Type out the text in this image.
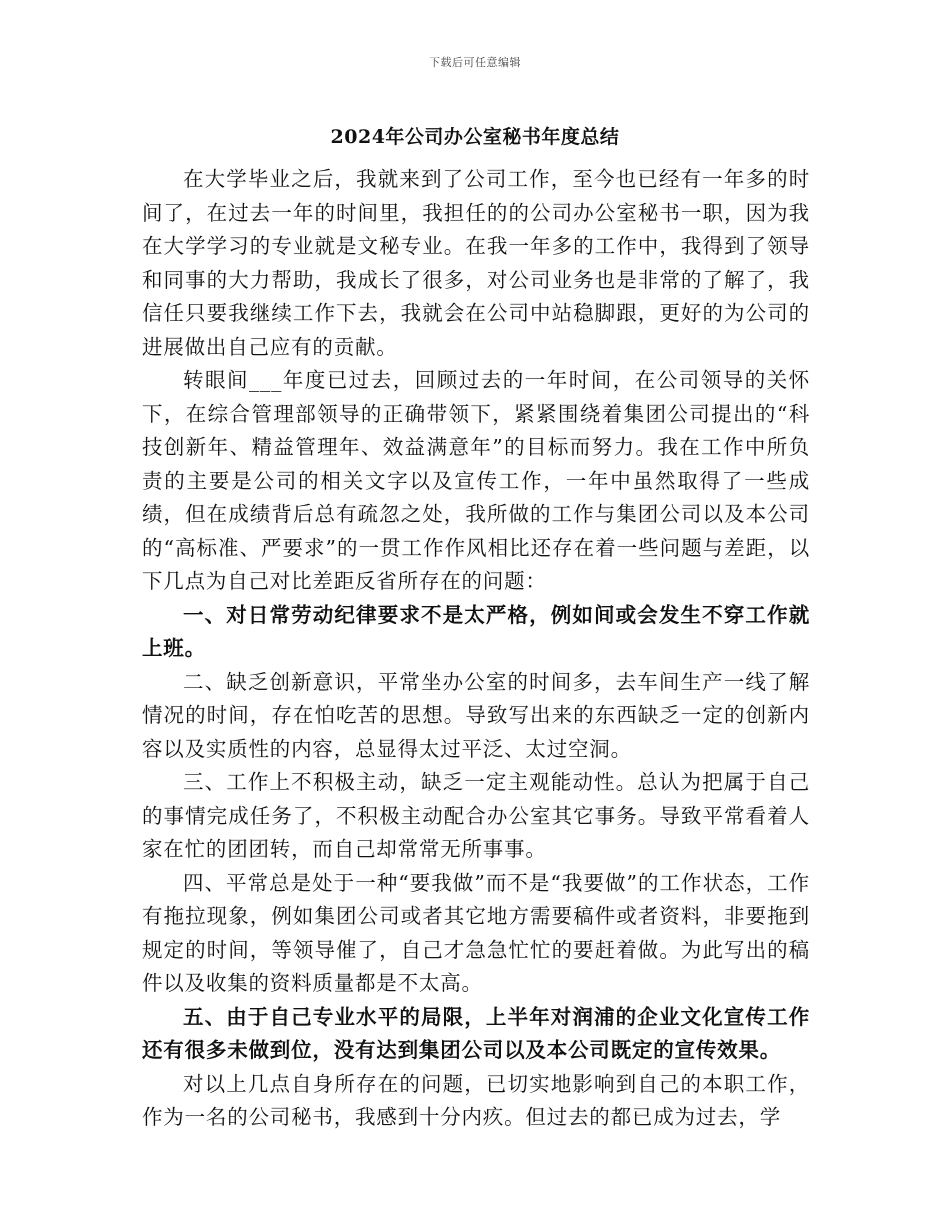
下载后可任意编辑
2024年公司办公室秘书年度总结

在大学毕业之后，我就来到了公司工作，至今也已经有一年多的时间了，在过去一年的时间里，我担任的的公司办公室秘书一职，因为我在大学学习的专业就是文秘专业。在我一年多的工作中，我得到了领导和同事的大力帮助，我成长了很多，对公司业务也是非常的了解了，我信任只要我继续工作下去，我就会在公司中站稳脚跟，更好的为公司的进展做出自己应有的贡献。

转眼间___年度已过去，回顾过去的一年时间，在公司领导的关怀下，在综合管理部领导的正确带领下，紧紧围绕着集团公司提出的“科技创新年、精益管理年、效益满意年”的目标而努力。我在工作中所负责的主要是公司的相关文字以及宣传工作，一年中虽然取得了一些成绩，但在成绩背后总有疏忽之处，我所做的工作与集团公司以及本公司的“高标准、严要求”的一贯工作作风相比还存在着一些问题与差距，以下几点为自己对比差距反省所存在的问题：

一、对日常劳动纪律要求不是太严格，例如间或会发生不穿工作就上班。

二、缺乏创新意识，平常坐办公室的时间多，去车间生产一线了解情况的时间，存在怕吃苦的思想。导致写出来的东西缺乏一定的创新内容以及实质性的内容，总显得太过平泛、太过空洞。

三、工作上不积极主动，缺乏一定主观能动性。总认为把属于自己的事情完成任务了，不积极主动配合办公室其它事务。导致平常看着人家在忙的团团转，而自己却常常无所事事。

四、平常总是处于一种“要我做”而不是“我要做”的工作状态，工作有拖拉现象，例如集团公司或者其它地方需要稿件或者资料，非要拖到规定的时间，等领导催了，自己才急急忙忙的要赶着做。为此写出的稿件以及收集的资料质量都是不太高。

五、由于自己专业水平的局限，上半年对润浦的企业文化宣传工作还有很多未做到位，没有达到集团公司以及本公司既定的宣传效果。

对以上几点自身所存在的问题，已切实地影响到自己的本职工作，作为一名的公司秘书，我感到十分内疚。但过去的都已成为过去，学
